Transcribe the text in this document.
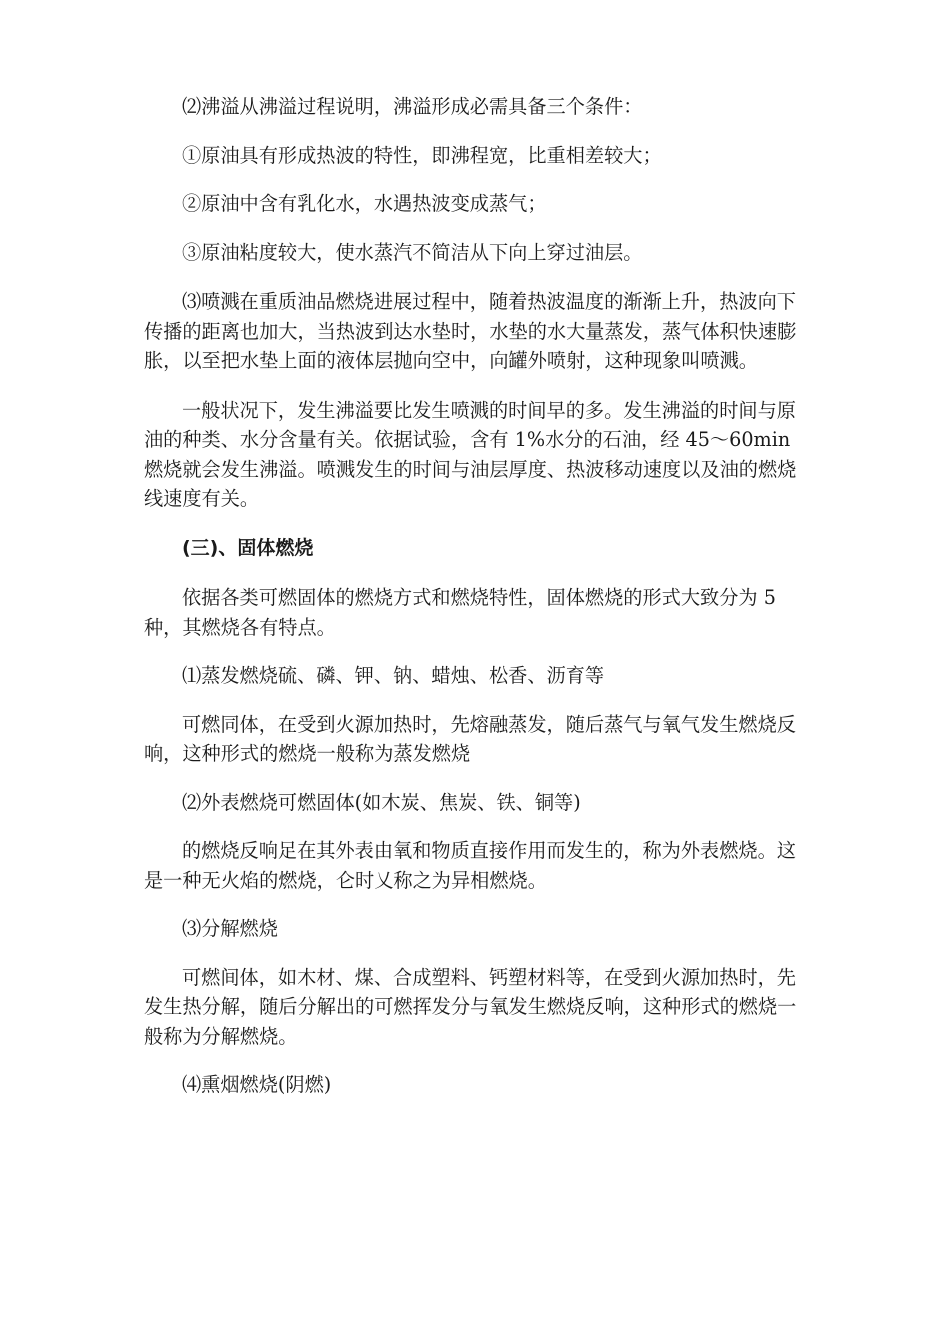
⑵沸溢从沸溢过程说明，沸溢形成必需具备三个条件：

①原油具有形成热波的特性，即沸程宽，比重相差较大；

②原油中含有乳化水，水遇热波变成蒸气；

③原油粘度较大，使水蒸汽不简洁从下向上穿过油层。

⑶喷溅在重质油品燃烧进展过程中，随着热波温度的渐渐上升，热波向下传播的距离也加大，当热波到达水垫时，水垫的水大量蒸发，蒸气体积快速膨胀，以至把水垫上面的液体层抛向空中，向罐外喷射，这种现象叫喷溅。

一般状况下，发生沸溢要比发生喷溅的时间早的多。发生沸溢的时间与原油的种类、水分含量有关。依据试验，含有 1%水分的石油，经 45～60min 燃烧就会发生沸溢。喷溅发生的时间与油层厚度、热波移动速度以及油的燃烧线速度有关。

(三)、固体燃烧

依据各类可燃固体的燃烧方式和燃烧特性，固体燃烧的形式大致分为 5 种，其燃烧各有特点。

⑴蒸发燃烧硫、磷、钾、钠、蜡烛、松香、沥育等

可燃同体，在受到火源加热时，先熔融蒸发，随后蒸气与氧气发生燃烧反响，这种形式的燃烧一般称为蒸发燃烧

⑵外表燃烧可燃固体(如木炭、焦炭、铁、铜等)

的燃烧反响足在其外表由氧和物质直接作用而发生的，称为外表燃烧。这是一种无火焰的燃烧，仑时乂称之为异相燃烧。

⑶分解燃烧

可燃间体，如木材、煤、合成塑料、钙塑材料等，在受到火源加热时，先发生热分解，随后分解出的可燃挥发分与氧发生燃烧反响，这种形式的燃烧一般称为分解燃烧。

⑷熏烟燃烧(阴燃)
